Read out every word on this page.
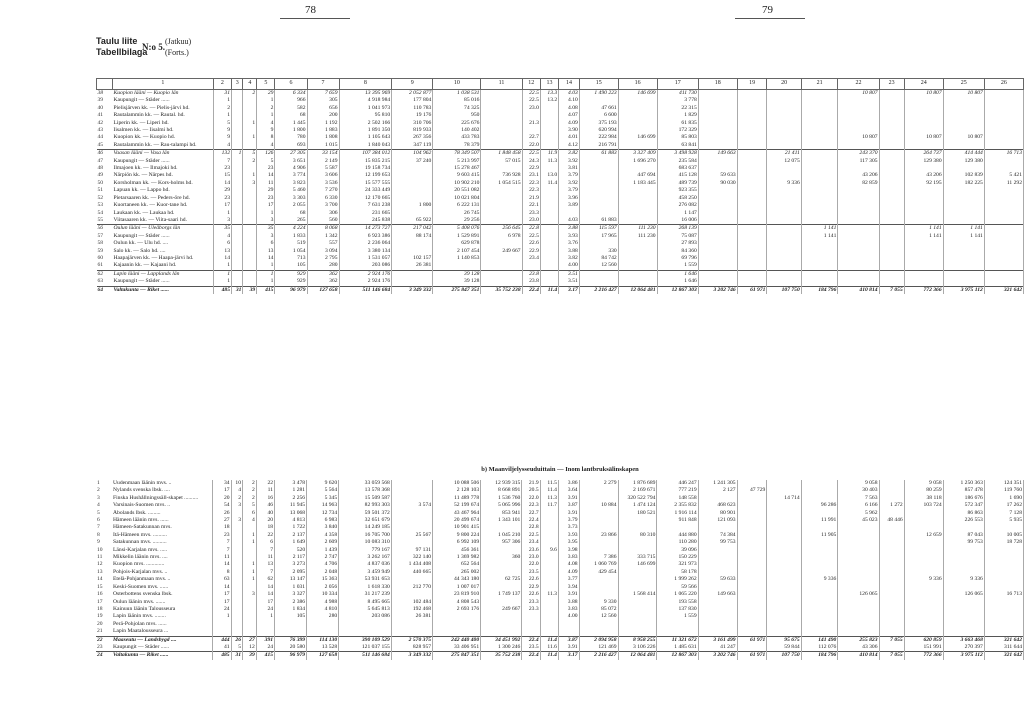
78	79
Taulu liite
Tabellbilaga
N:o 5.
(Jatkuu)
(Forts.)
	1	2	3	4	5	6	7	8	9	10	11	12	13	14	15	16	17	18	19	20	21	22	23	24	25	26
38	Kuopion lääni — Kuopio län	31		2	29	6 334	7 659	13 395 969	2 052 877	1 038 531		22.5	13.3	4.03	1 490 223	146 699	411 730					10 807		10 807	10 807	
39	Kaupungit — Städer ......	1			1	966	305	4 918 984	177 804	85 016		22.5	13.2	4.10			3 778									
40	Pielisjärven kk. — Pielis-järvi hd.	2			2	582	656	1 041 973	110 783	74 325		23.0		4.08	47 661		22 315									
41	Rautalammin kk. — Rautal. hd.	1			1	68	200	95 810	19 176	950				4.07	6 600		1 829									
42	Liperin kk. — Liperi hd.	5		1	4	1 445	1 192	2 502 166	310 706	225 676		21.3		4.09	375 193		61 835									
43	Iisalmen kk. — Iisalmi hd.	9			9	1 800	1 883	1 891 350	819 933	140 402				3.90	620 994		172 329									
44	Kuopion kk. — Kuopio hd.	9		1	8	780	1 808	1 105 643	267 356	433 783		22.7		4.01	222 984	146 699	85 803					10 807		10 807	10 807	
45	Rautalammin kk. — Rau-talampi hd.	4			4	693	1 015	1 840 043	347 119	78 379		22.0		4.12	216 791		63 841									
46	Vaasan lääni — Vasa län	132	1	5	126	27 305	33 154	107 384 012	104 962	78 349 507	1 848 458	22.5	11.9	3.82	61 883	3 327 409	3 498 928	149 663		21 411		243 370		264 737	414 444	16 713
47	Kaupungit — Städer ......	7		2	5	3 651	2 149	15 835 215	37 240	5 213 997	57 015	24.3	11.3	3.92		1 696 270	235 584			12 075		117 305		129 380	129 380	
48	Ilmajoen kk. — Ilmajoki hd.	23			23	4 906	5 587	19 158 734		15 278 467		22.9		3.81			683 637									
49	Närpiön kk. — Närpes hd.	15		1	14	3 774	3 606	12 199 653		9 603 415	736 928	23.1	13.0	3.79		447 694	415 128	59 633				43 206		43 206	102 839	5 421
50	Korsholman kk. — Kors-holms hd.	14		3	11	3 823	3 536	15 577 555		10 902 210	1 054 515	22.3	11.4	3.92		1 183 445	489 739	90 030		9 336		82 859		92 195	182 225	11 292
51	Lapuan kk. — Lappo hd.	29			29	5 460	7 270	24 333 449		20 551 082		22.3		3.79			923 355									
52	Pietarsaaren kk. — Peders-öre hd.	23			23	3 303	6 330	12 170 665		10 021 804		21.9		3.96			458 250									
53	Kuortaneen kk. — Kuor-tane hd.	17			17	2 055	3 700	7 631 238	1 800	6 222 131		22.1		3.89			276 082									
54	Laukaan kk. — Laukaa hd.	1			1	68	306	231 665		26 745		23.3					1 147									
55	Viitasaaren kk. — Viita-saari hd.	3			3	265	560	245 838	65 922	29 256		23.0		4.03	61 883		16 006									
56	Oulun lääni — Uleåborgs län	35			35	4 224	8 068	14 273 727	217 042	5 408 076	256 645	22.8		3.88	115 597	111 230	268 139				1 141			1 141	1 141	
57	Kaupungit — Städer ......	4			3	1 833	1 342	6 923 386	88 174	1 529 891	6 978	22.5		3.93	17 965	111 230	75 087				1 141			1 141	1 141	
58	Oulun kk. — Ulu hd. ....	6			6	519	557	2 236 064		629 878		22.6		3.76			27 893									
59	Salo kk. — Salo hd. ....	13			13	1 054	3 094	3 380 134		2 107 454	249 667	22.9		3.88	330		84 360									
60	Haapajärven kk. — Haapa-järvi hd.	14			14	713	2 795	1 531 057	102 157	1 140 853		23.4		3.82	84 742		69 796									
61	Kajaanin kk. — Kajaani hd.	1			1	105	280	203 086	26 381					4.00	12 560		1 559									
62	Lapin lääni — Lapplands län	1			1	929	362	2 924 176		39 128		23.8		3.51			1 646									
63	Kaupungit — Städer ......	1			1	929	362	2 924 176		39 128		23.8		3.51			1 646									
64	Valtakunta — Riket ......	485	31	39	415	96 979	127 658	511 146 684	3 349 332	275 847 351	35 752 238	22.4	11.4	3.17	2 216 427	12 064 481	12 867 303	3 202 746	61 971	107 750	184 796	410 814	7 055	772 366	3 975 112	321 642
b) Maanviljelysseuduittain — Inom lantbruksälinskapen
1	Uudenmaan läänin mvs. ..	34	10	2	22	3 478	9 620	33 059 568		10 088 506	12 939 315	21.9	11.5	3.86	2 279	1 876 689	446 247	1 241 305				9 058		9 058	1 250 363	124 351
2	Nylands svenska lbsk. ....	17	4	2	11	1 281	5 564	13 578 368		2 128 103	8 668 891	20.5	11.4	3.64		2 169 671	777 219	2 127	47 729			30 403		80 259	857 478	119 760
3	Finska Hushållningssäll-skapet ..........	20	2	2	16	2 256	5 345	15 509 587		11 489 778	1 536 760	22.0	11.3	3.91		320 522 794	148 558			14 714		7 563		38 118	186 676	1 690
4	Varsinais-Suomen mvs. ..	54	3	5	46	11 945	14 963	82 993 303	3 574	52 199 674	5 065 996	22.3	11.7	3.87	10 884	1 474 124	2 355 832	468 623			96 286	6 166	1 272	103 724	572 347	17 262
5	Åbolands lbsk. .........	26		6	40	13 068	12 734	59 501 372		43 467 964	853 941	22.7		3.91		180 521	1 916 114	80 901				5 962			86 863	7 128
6	Hämeen läänin mvs. ......	27	3	4	20	4 813	6 983	32 651 679		20 499 674	1 343 101	22.4		3.79			911 848	121 093			11 991	45 023	48 446		226 553	5 935
7	Hämeen-Satakunnan mvs.	18			18	1 722	3 840	14 249 185		10 901 415		22.8		3.73												
8	Itä-Hämeen mvs. ..........	23		1	22	2 137	4 358	16 705 700	25 567	9 800 224	1 045 210	22.5		3.93	23 866	80 310	444 880	74 384			11 905			12 659	87 043	10 005
9	Satakunnan mvs. ..........	7		1	6	1 649	2 609	10 083 310		6 992 109	957 306	23.4		3.95			110 280	99 753							99 753	18 728
10	Länsi-Karjalan mvs. .....	7			7	520	1 439	779 167	97 131	456 361		23.6	9.6	3.98			39 096									
11	Mikkelin läänin mvs. ....	11			11	2 117	2 747	3 262 167	322 140	1 369 982	360	23.0		3.83	7 386	333 715	150 229									
12	Kuopion mvs. .............	14		1	13	3 273	4 706	4 837 036	1 434 408	652 564		22.0		4.08	1 060 769	146 699	321 973									
13	Pohjois-Karjalan mvs. ..	8		1	7	2 095	2 048	3 459 949	440 665	265 002		23.5		4.09	429 454		58 178									
14	Etelä-Pohjanmaan mvs. ..	63		1	62	13 147	15 363	53 931 653		44 343 180	62 725	22.6		3.77			1 999 262	59 633			9 336			9 336	9 336	
15	Keski-Suomen mvs. ......	14			14	1 031	2 056	1 618 330	212 770	1 007 017		22.9		3.94			59 566									
16	Österbottens svenska lbsk.	17		3	14	3 327	10 334	31 217 239		23 819 910	1 749 137	22.6	11.3	3.91		1 568 414	1 065 220	149 663				126 065			126 065	16 713
17	Oulun läänin mvs. .......	17			17	2 386	4 988	8 495 665	102 484	4 808 543		23.3		3.88	9 330		193 558									
18	Kainuun läänin Talousseura	24			24	1 834	4 810	5 645 813	192 468	2 693 176	249 667	23.3		3.83	85 072		137 830									
19	Lapin läänin mvs. ........	1			1	105	280	203 086	26 381					4.00	12 560		1 559									
20	Perä-Pohjolan mvs. ......																									
21	Lapin Maatalousseura ...																									
22	Maaseutu — Landsbygd ....	444	26	27	391	76 399	114 130	390 109 529	2 570 375	242 440 400	34 451 992	22.4	11.4	3.87	2 094 958	8 958 255	11 321 672	3 161 499	61 971	95 675	141 490	255 823	7 055	620 859	3 663 468	321 642
23	Kaupungit — Städer ......	41	5	12	24	20 580	13 528	121 037 155	828 957	33 406 951	1 300 246	23.5	11.6	3.91	121 469	3 106 226	1 485 631	41 247		59 844	112 076	43 306		151 991	270 397	311 644
24	Valtakunta — Riket ......	485	31	39	415	96 979	127 658	511 146 684	3 349 332	275 847 351	35 752 238	22.4	11.4	3.17	2 216 427	12 064 481	12 867 303	3 202 746	61 971	107 750	184 796	410 814	7 055	772 366	3 975 112	321 642
